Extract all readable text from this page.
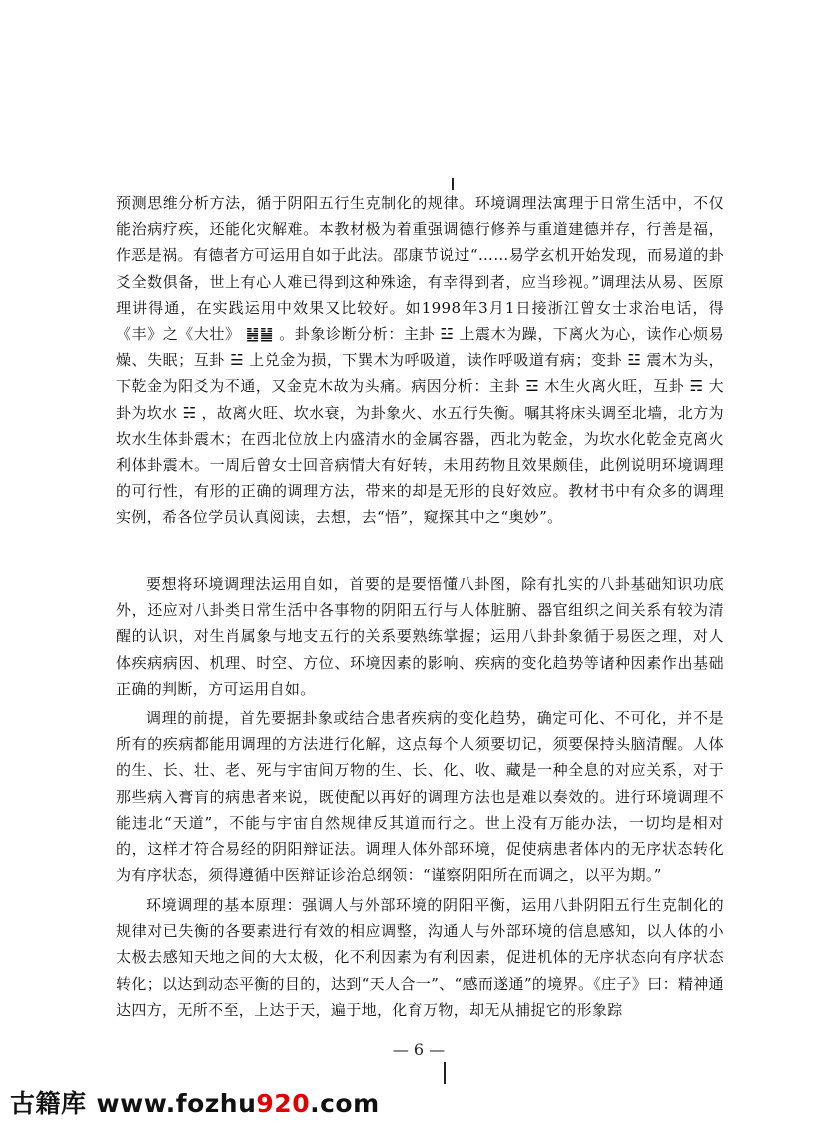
预测思维分析方法，循于阴阳五行生克制化的规律。环境调理法寓理于日常生活中，不仅能治病疗疾，还能化灾解难。本教材极为着重强调德行修养与重道建德并存，行善是福，作恶是祸。有德者方可运用自如于此法。邵康节说过“……易学玄机开始发现，而易道的卦爻全数俱备，世上有心人难已得到这种殊途，有幸得到者，应当珍视。”调理法从易、医原理讲得通，在实践运用中效果又比较好。如1998年3月1日接浙江曾女士求治电话，得《丰》之《大壮》 ䷶䷡ 。卦象诊断分析：主卦 ☳ 上震木为躁，下离火为心，读作心烦易燥、失眠；互卦 ☱ 上兑金为损，下巽木为呼吸道，读作呼吸道有病；变卦 ☳ 震木为头，下乾金为阳爻为不通，又金克木故为头痛。病因分析：主卦 ☲ 木生火离火旺，互卦 ☴ 大卦为坎水 ☵ ，故离火旺、坎水衰，为卦象火、水五行失衡。嘱其将床头调至北墙，北方为坎水生体卦震木；在西北位放上内盛清水的金属容器，西北为乾金，为坎水化乾金克离火利体卦震木。一周后曾女士回音病情大有好转，未用药物且效果颇佳，此例说明环境调理的可行性，有形的正确的调理方法，带来的却是无形的良好效应。教材书中有众多的调理实例，希各位学员认真阅读，去想，去“悟”，窥探其中之“奥妙”。

要想将环境调理法运用自如，首要的是要悟懂八卦图，除有扎实的八卦基础知识功底外，还应对八卦类日常生活中各事物的阴阳五行与人体脏腑、器官组织之间关系有较为清醒的认识，对生肖属象与地支五行的关系要熟练掌握；运用八卦卦象循于易医之理，对人体疾病病因、机理、时空、方位、环境因素的影响、疾病的变化趋势等诸种因素作出基础正确的判断，方可运用自如。

调理的前提，首先要据卦象或结合患者疾病的变化趋势，确定可化、不可化，并不是所有的疾病都能用调理的方法进行化解，这点每个人须要切记，须要保持头脑清醒。人体的生、长、壮、老、死与宇宙间万物的生、长、化、收、藏是一种全息的对应关系，对于那些病入膏肓的病患者来说，既使配以再好的调理方法也是难以奏效的。进行环境调理不能违北“天道”，不能与宇宙自然规律反其道而行之。世上没有万能办法，一切均是相对的，这样才符合易经的阴阳辩证法。调理人体外部环境，促使病患者体内的无序状态转化为有序状态，须得遵循中医辩证诊治总纲领：“谨察阴阳所在而调之，以平为期。”

环境调理的基本原理：强调人与外部环境的阴阳平衡，运用八卦阴阳五行生克制化的规律对已失衡的各要素进行有效的相应调整，沟通人与外部环境的信息感知，以人体的小太极去感知天地之间的大太极，化不利因素为有利因素，促进机体的无序状态向有序状态转化；以达到动态平衡的目的，达到“天人合一”、“感而遂通”的境界。《庄子》曰：精神通达四方，无所不至，上达于天，遍于地，化育万物，却无从捕捉它的形象踪

— 6 —
古籍库 www.fozhu920.com
